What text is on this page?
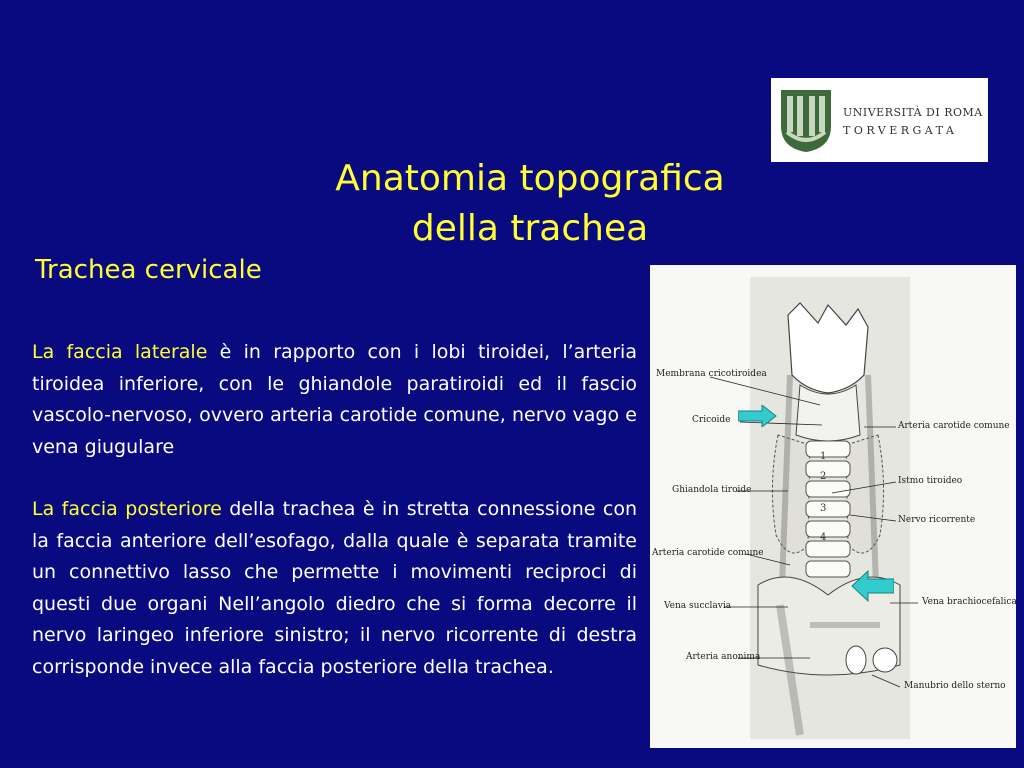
UNIVERSITÀ DI ROMA
TORVERGATA
Anatomia topografica
della trachea
Trachea cervicale

La faccia laterale è in rapporto con i lobi tiroidei, l’arteria tiroidea inferiore, con le ghiandole paratiroidi ed il fascio vascolo-nervoso, ovvero arteria carotide comune, nervo vago e vena giugulare

La faccia posteriore della trachea è in stretta connessione con la faccia anteriore dell’esofago, dalla quale è separata tramite un connettivo lasso che permette i movimenti reciproci di questi due organi Nell’angolo diedro che si forma decorre il nervo laringeo inferiore sinistro; il nervo ricorrente di destra corrisponde invece alla faccia posteriore della trachea.

1
2
3
4
Membrana cricotiroidea
Cricoide
Ghiandola tiroide
Arteria carotide comune
Vena succlavia
Arteria anonima
Arteria carotide comune
Istmo tiroideo
Nervo ricorrente
Vena brachiocefalica
Manubrio dello sterno
